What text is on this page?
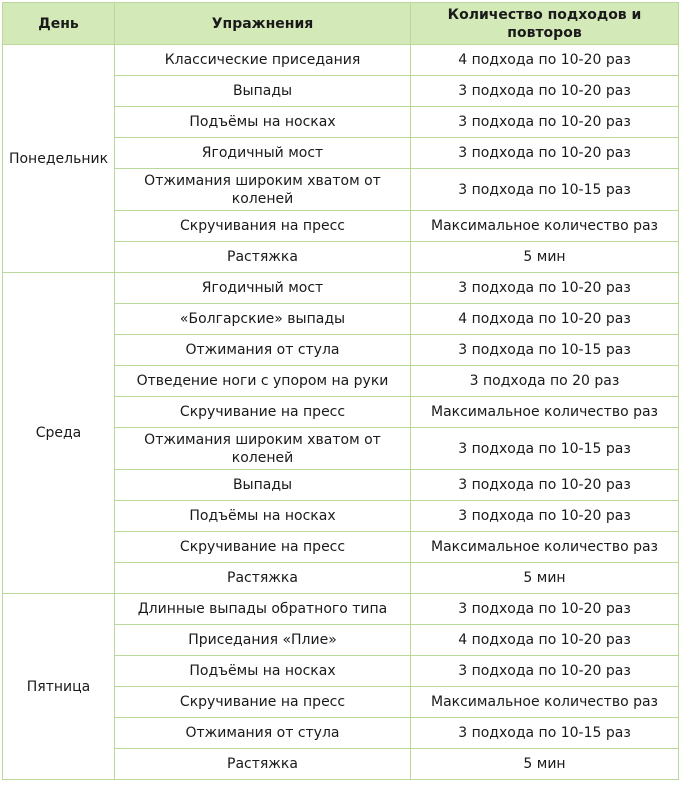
День	Упражнения	Количество подходов и повторов
Понедельник	Классические приседания	4 подхода по 10-20 раз
	Выпады	3 подхода по 10-20 раз
	Подъёмы на носках	3 подхода по 10-20 раз
	Ягодичный мост	3 подхода по 10-20 раз
	Отжимания широким хватом от коленей	3 подхода по 10-15 раз
	Скручивания на пресс	Максимальное количество раз
	Растяжка	5 мин
Среда	Ягодичный мост	3 подхода по 10-20 раз
	«Болгарские» выпады	4 подхода по 10-20 раз
	Отжимания от стула	3 подхода по 10-15 раз
	Отведение ноги с упором на руки	3 подхода по 20 раз
	Скручивание на пресс	Максимальное количество раз
	Отжимания широким хватом от коленей	3 подхода по 10-15 раз
	Выпады	3 подхода по 10-20 раз
	Подъёмы на носках	3 подхода по 10-20 раз
	Скручивание на пресс	Максимальное количество раз
	Растяжка	5 мин
Пятница	Длинные выпады обратного типа	3 подхода по 10-20 раз
	Приседания «Плие»	4 подхода по 10-20 раз
	Подъёмы на носках	3 подхода по 10-20 раз
	Скручивание на пресс	Максимальное количество раз
	Отжимания от стула	3 подхода по 10-15 раз
	Растяжка	5 мин
